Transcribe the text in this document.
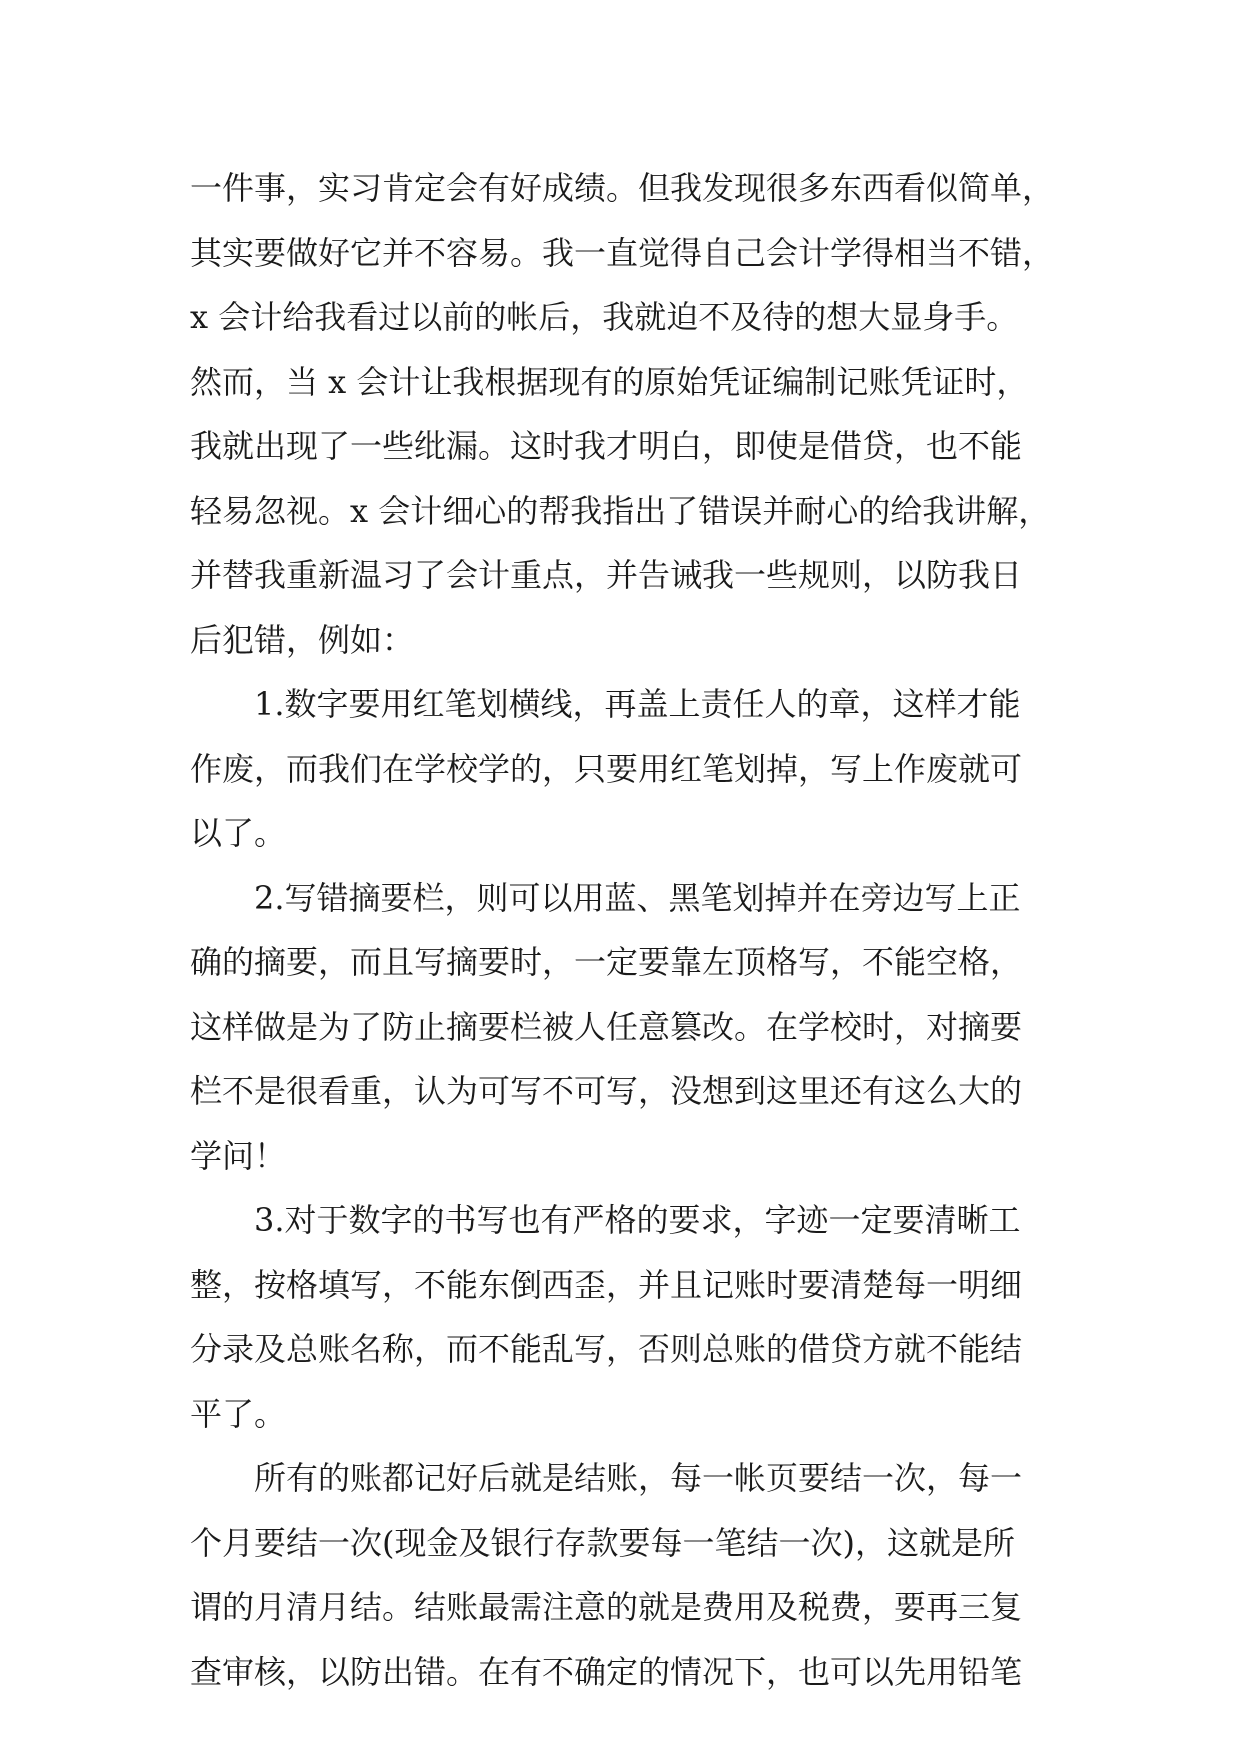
一件事，实习肯定会有好成绩。但我发现很多东西看似简单，
其实要做好它并不容易。我一直觉得自己会计学得相当不错，
x 会计给我看过以前的帐后，我就迫不及待的想大显身手。
然而，当 x 会计让我根据现有的原始凭证编制记账凭证时，
我就出现了一些纰漏。这时我才明白，即使是借贷，也不能
轻易忽视。x 会计细心的帮我指出了错误并耐心的给我讲解，
并替我重新温习了会计重点，并告诫我一些规则，以防我日
后犯错，例如：
1.数字要用红笔划横线，再盖上责任人的章，这样才能
作废，而我们在学校学的，只要用红笔划掉，写上作废就可
以了。
2.写错摘要栏，则可以用蓝、黑笔划掉并在旁边写上正
确的摘要，而且写摘要时，一定要靠左顶格写，不能空格，
这样做是为了防止摘要栏被人任意篡改。在学校时，对摘要
栏不是很看重，认为可写不可写，没想到这里还有这么大的
学问！
3.对于数字的书写也有严格的要求，字迹一定要清晰工
整，按格填写，不能东倒西歪，并且记账时要清楚每一明细
分录及总账名称，而不能乱写，否则总账的借贷方就不能结
平了。
所有的账都记好后就是结账，每一帐页要结一次，每一
个月要结一次(现金及银行存款要每一笔结一次)，这就是所
谓的月清月结。结账最需注意的就是费用及税费，要再三复
查审核，以防出错。在有不确定的情况下，也可以先用铅笔
